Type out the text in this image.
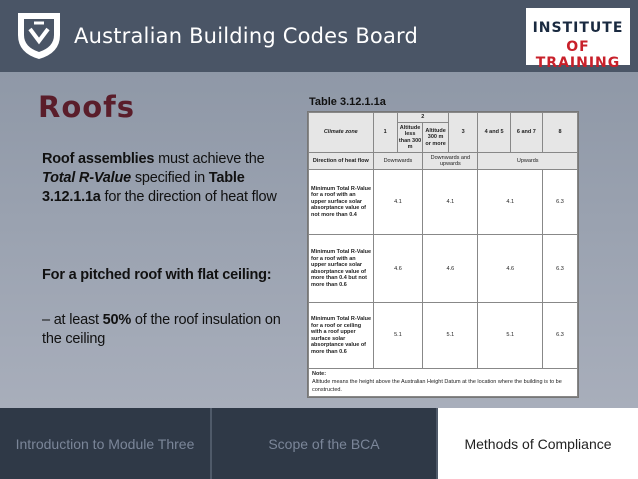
Australian Building Codes Board	INSTITUTE
OF TRAINING
Roofs
Roof assemblies must achieve the Total R-Value specified in Table 3.12.1.1a for the direction of heat flow
For a pitched roof with flat ceiling:
– at least 50% of the roof insulation on the ceiling
Table 3.12.1.1a
Climate zone	1	2		3	4 and 5	6 and 7	8
		Altitude less than 300 m	Altitude 300 m or more				
Direction of heat flow	Downwards		Downwards and upwards		Upwards		
Minimum Total R-Value for a roof with an upper surface solar absorptance value of not more than 0.4	4.1		4.1		4.1		6.3
Minimum Total R-Value for a roof with an upper surface solar absorptance value of more than 0.4 but not more than 0.6	4.6		4.6		4.6		6.3
Minimum Total R-Value for a roof or ceiling with a roof upper surface solar absorptance value of more than 0.6	5.1		5.1		5.1		6.3
Note:
Altitude means the height above the Australian Height Datum at the location where the building is to be constructed.							
Introduction to Module Three	Scope of the BCA	Methods of Compliance
